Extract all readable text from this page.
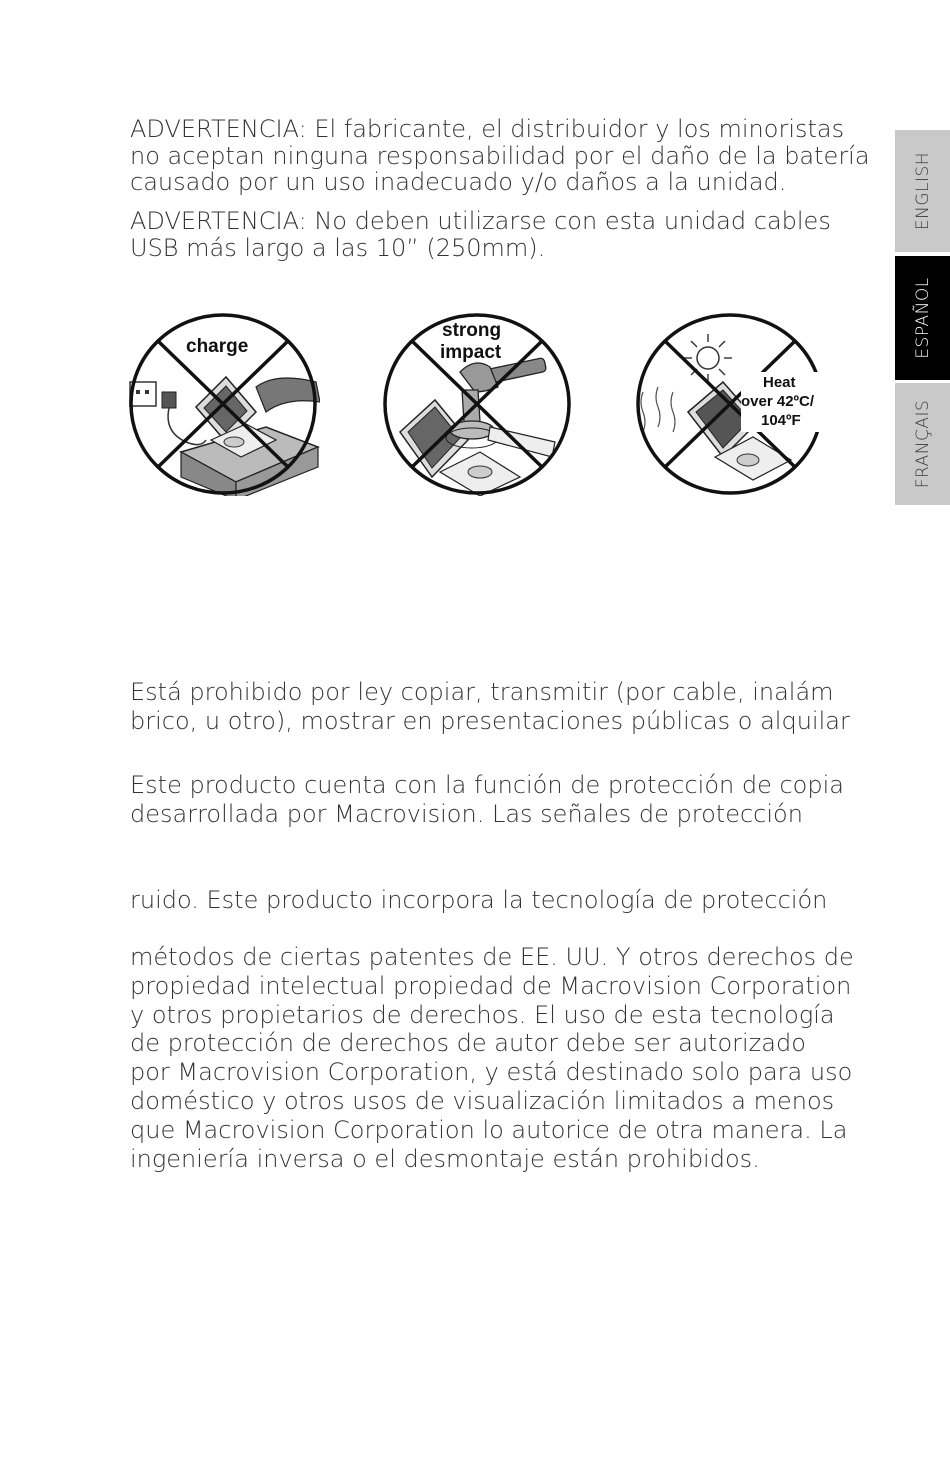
ADVERTENCIA: El fabricante, el distribuidor y los minoristas
no aceptan ninguna responsabilidad por el daño de la batería
causado por un uso inadecuado y/o daños a la unidad.

ADVERTENCIA: No deben utilizarse con esta unidad cables
USB más largo a las 10” (250mm).

charge
strong
impact
Heat
over 42ºC/
104ºF

Está prohibido por ley copiar, transmitir (por cable, inalám
brico, u otro), mostrar en presentaciones públicas o alquilar

Este producto cuenta con la función de protección de copia
desarrollada por Macrovision. Las señales de protección

ruido. Este producto incorpora la tecnología de protección

métodos de ciertas patentes de EE. UU. Y otros derechos de
propiedad intelectual propiedad de Macrovision Corporation
y otros propietarios de derechos. El uso de esta tecnología
de protección de derechos de autor debe ser autorizado
por Macrovision Corporation, y está destinado solo para uso
doméstico y otros usos de visualización limitados a menos
que Macrovision Corporation lo autorice de otra manera. La
ingeniería inversa o el desmontaje están prohibidos.

ENGLISH
ESPAÑOL
FRANÇAIS
